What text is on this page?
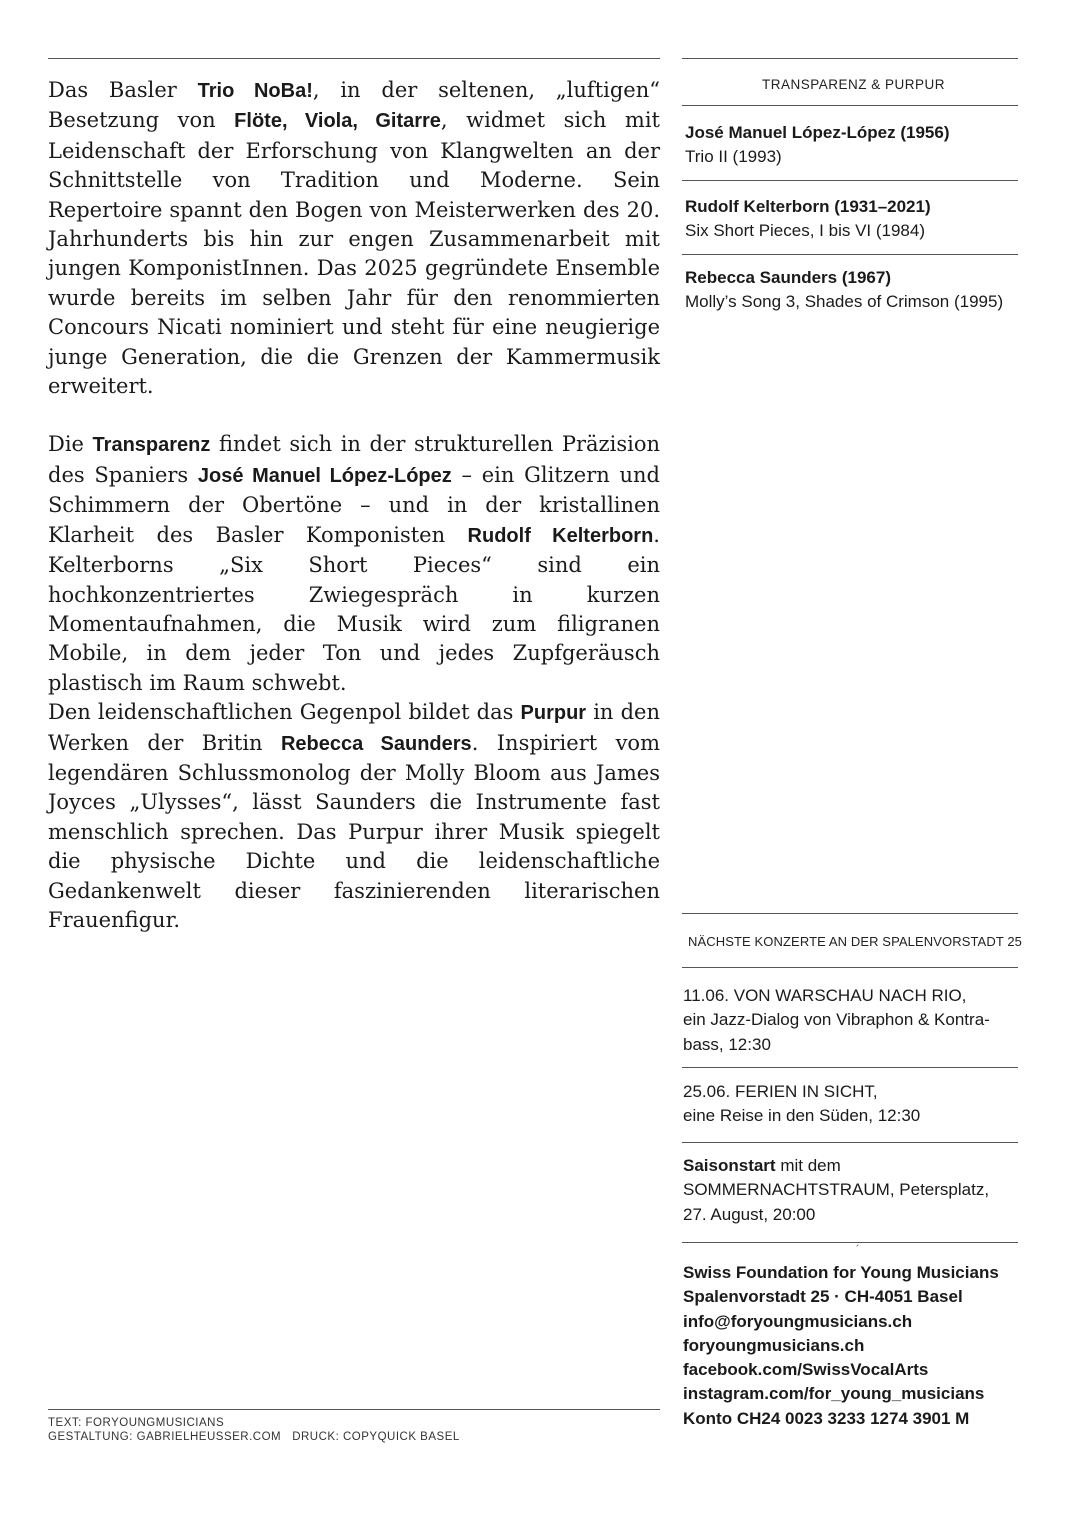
Das Basler Trio NoBa!, in der seltenen, „luftigen“ Besetzung von Flöte, Viola, Gitarre, widmet sich mit Leidenschaft der Erforschung von Klangwelten an der Schnittstelle von Tradition und Moderne. Sein Repertoire spannt den Bogen von Meisterwerken des 20. Jahrhunderts bis hin zur engen Zusammenarbeit mit jungen KomponistInnen. Das 2025 gegründete Ensemble wurde bereits im selben Jahr für den renommierten Concours Nicati nominiert und steht für eine neugierige junge Generation, die die Grenzen der Kammermusik erweitert.

Die Transparenz findet sich in der strukturellen Präzision des Spaniers José Manuel López-López – ein Glitzern und Schimmern der Obertöne – und in der kristallinen Klarheit des Basler Komponisten Rudolf Kelterborn. Kelterborns „Six Short Pieces“ sind ein hochkonzentriertes Zwiegespräch in kurzen Momentaufnahmen, die Musik wird zum filigranen Mobile, in dem jeder Ton und jedes Zupfgeräusch plastisch im Raum schwebt.

Den leidenschaftlichen Gegenpol bildet das Purpur in den Werken der Britin Rebecca Saunders. Inspiriert vom legendären Schlussmonolog der Molly Bloom aus James Joyces „Ulysses“, lässt Saunders die Instrumente fast menschlich sprechen. Das Purpur ihrer Musik spiegelt die physische Dichte und die leidenschaftliche Gedankenwelt dieser faszinierenden literarischen Frauenfigur.

TRANSPARENZ & PURPUR
José Manuel López-López (1956)
Trio II (1993)
Rudolf Kelterborn (1931–2021)
Six Short Pieces, I bis VI (1984)
Rebecca Saunders (1967)
Molly’s Song 3, Shades of Crimson (1995)
NÄCHSTE KONZERTE AN DER SPALENVORSTADT 25
11.06. VON WARSCHAU NACH RIO,
ein Jazz-Dialog von Vibraphon & Kontra-
bass, 12:30
25.06. FERIEN IN SICHT,
eine Reise in den Süden, 12:30
Saisonstart mit dem
SOMMERNACHTSTRAUM, Petersplatz,
27. August, 20:00
´
Swiss Foundation for Young Musicians
Spalenvorstadt 25 · CH-4051 Basel
info@foryoungmusicians.ch
foryoungmusicians.ch
facebook.com/SwissVocalArts
instagram.com/for_young_musicians
Konto CH24 0023 3233 1274 3901 M
TEXT: FORYOUNGMUSICIANS
GESTALTUNG: GABRIELHEUSSER.COM   DRUCK: COPYQUICK BASEL
